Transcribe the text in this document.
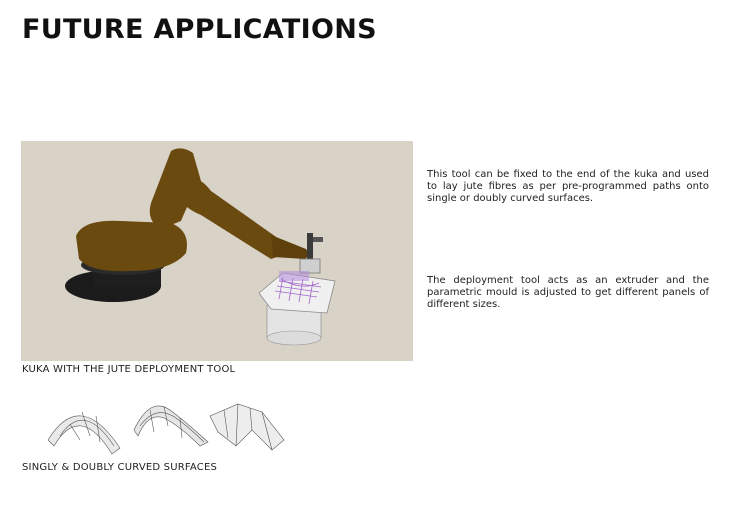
FUTURE APPLICATIONS
KUKA WITH THE JUTE DEPLOYMENT TOOL
This tool can be fixed to the end of the kuka and used to lay jute fibres as per pre-programmed paths onto single or doubly curved surfaces.
The deployment tool acts as an extruder and the parametric mould is adjusted to get different panels of different sizes.
SINGLY & DOUBLY CURVED SURFACES
